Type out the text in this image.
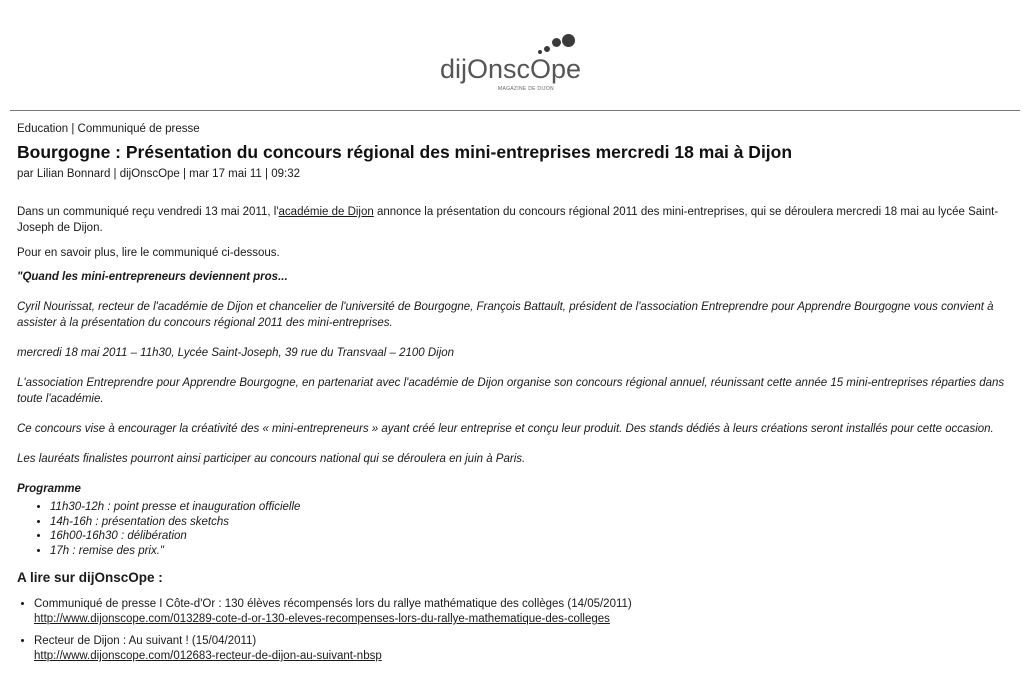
dijOnscOpe
MAGAZINE DE DIJON
Education | Communiqué de presse
Bourgogne : Présentation du concours régional des mini-entreprises mercredi 18 mai à Dijon
par Lilian Bonnard | dijOnscOpe | mar 17 mai 11 | 09:32

Dans un communiqué reçu vendredi 13 mai 2011, l'académie de Dijon annonce la présentation du concours régional 2011 des mini-entreprises, qui se déroulera mercredi 18 mai au lycée Saint-Joseph de Dijon.

Pour en savoir plus, lire le communiqué ci-dessous.

"Quand les mini-entrepreneurs deviennent pros...

Cyril Nourissat, recteur de l'académie de Dijon et chancelier de l'université de Bourgogne, François Battault, président de l'association Entreprendre pour Apprendre Bourgogne vous convient à assister à la présentation du concours régional 2011 des mini-entreprises.

mercredi 18 mai 2011 – 11h30, Lycée Saint-Joseph, 39 rue du Transvaal – 2100 Dijon

L'association Entreprendre pour Apprendre Bourgogne, en partenariat avec l'académie de Dijon organise son concours régional annuel, réunissant cette année 15 mini-entreprises réparties dans toute l'académie.

Ce concours vise à encourager la créativité des « mini-entrepreneurs » ayant créé leur entreprise et conçu leur produit. Des stands dédiés à leurs créations seront installés pour cette occasion.

Les lauréats finalistes pourront ainsi participer au concours national qui se déroulera en juin à Paris.

Programme

• 11h30-12h : point presse et inauguration officielle
• 14h-16h : présentation des sketchs
• 16h00-16h30 : délibération
• 17h : remise des prix."
A lire sur dijOnscOpe :
• Communiqué de presse I Côte-d'Or : 130 élèves récompensés lors du rallye mathématique des collèges (14/05/2011)
http://www.dijonscope.com/013289-cote-d-or-130-eleves-recompenses-lors-du-rallye-mathematique-des-colleges
• Recteur de Dijon : Au suivant ! (15/04/2011)
http://www.dijonscope.com/012683-recteur-de-dijon-au-suivant-nbsp
